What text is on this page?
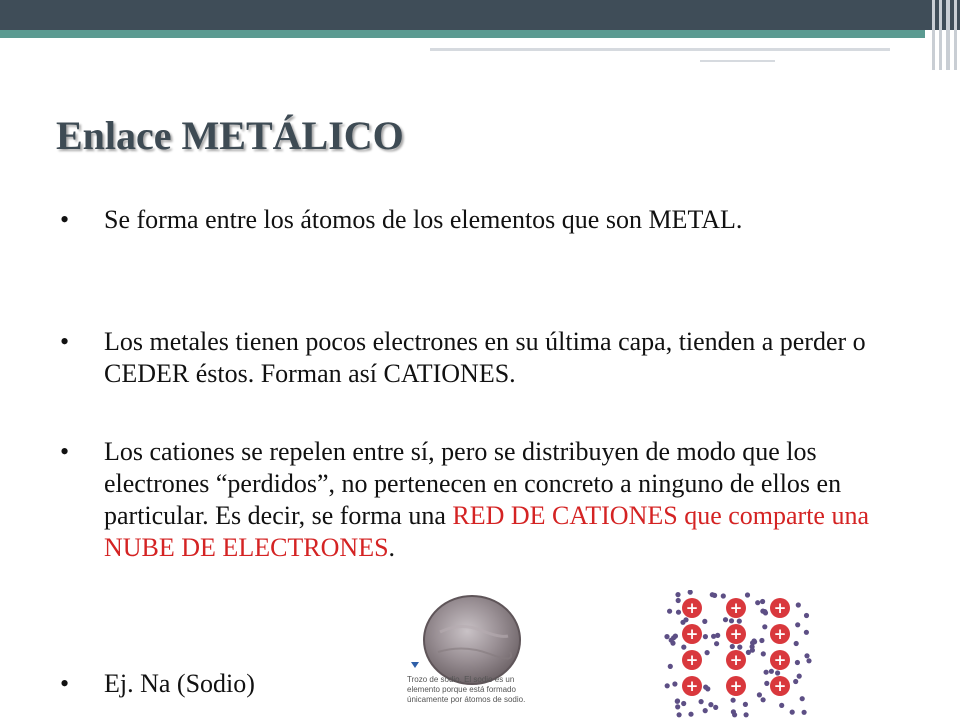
Enlace METÁLICO
• Se forma entre los átomos de los elementos que son METAL.
• Los metales tienen pocos electrones en su última capa, tienden a perder o CEDER éstos. Forman así CATIONES.
• Los cationes se repelen entre sí, pero se distribuyen de modo que los electrones “perdidos”, no pertenecen en concreto a ninguno de ellos en particular. Es decir, se forma una RED DE CATIONES que comparte una NUBE DE ELECTRONES.
• Ej. Na (Sodio)	Trozo de sodio. El sodio es un elemento porque está formado únicamente por átomos de sodio.
+ + +
+ + +
+ + +
+ + +
